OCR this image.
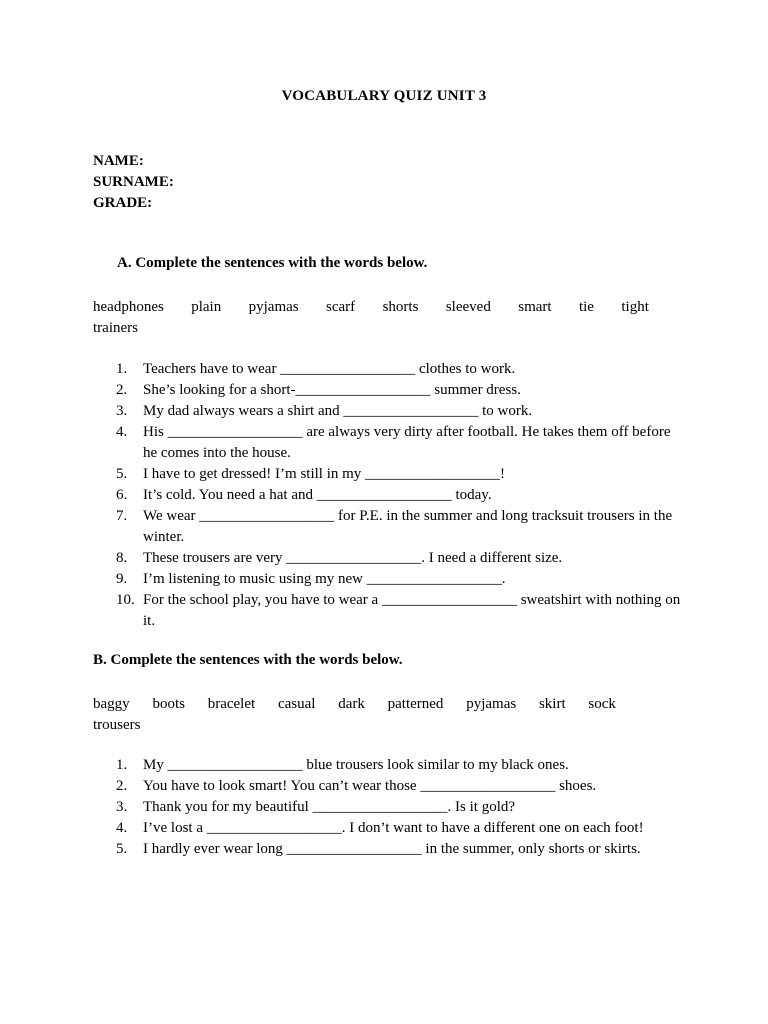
VOCABULARY QUIZ UNIT 3
NAME:
SURNAME:
GRADE:
A. Complete the sentences with the words below.
headphones plain pyjamas scarf shorts sleeved smart tie tight
trainers
1. Teachers have to wear __________________ clothes to work.
2. She’s looking for a short-__________________ summer dress.
3. My dad always wears a shirt and __________________ to work.
4. His __________________ are always very dirty after football. He takes them off before he comes into the house.
5. I have to get dressed! I’m still in my __________________!
6. It’s cold. You need a hat and __________________ today.
7. We wear __________________ for P.E. in the summer and long tracksuit trousers in the winter.
8. These trousers are very __________________. I need a different size.
9. I’m listening to music using my new __________________.
10. For the school play, you have to wear a __________________ sweatshirt with nothing on it.
B. Complete the sentences with the words below.
baggy boots bracelet casual dark patterned pyjamas skirt sock
trousers
1. My __________________ blue trousers look similar to my black ones.
2. You have to look smart! You can’t wear those __________________ shoes.
3. Thank you for my beautiful __________________. Is it gold?
4. I’ve lost a __________________. I don’t want to have a different one on each foot!
5. I hardly ever wear long __________________ in the summer, only shorts or skirts.
